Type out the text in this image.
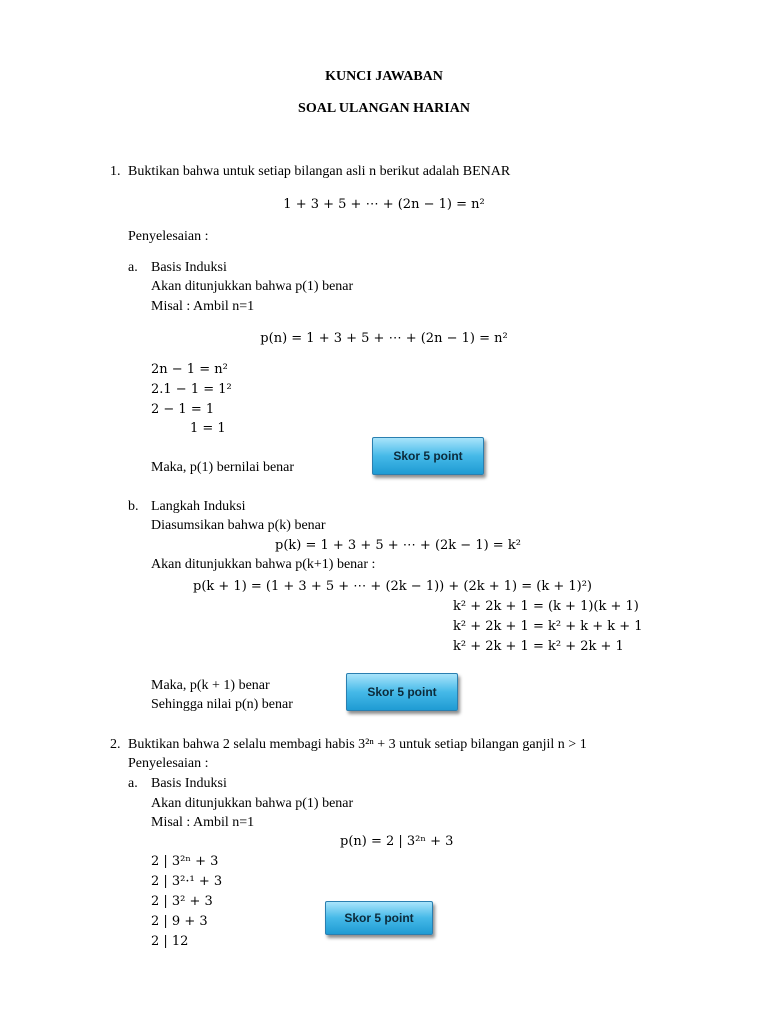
KUNCI JAWABAN
SOAL ULANGAN HARIAN
1. Buktikan bahwa untuk setiap bilangan asli n berikut adalah BENAR
1 + 3 + 5 + ⋯ + (2n − 1) = n²
Penyelesaian :
a. Basis Induksi
Akan ditunjukkan bahwa p(1) benar
Misal : Ambil n=1
p(n) = 1 + 3 + 5 + ⋯ + (2n − 1) = n²
2n − 1 = n²
2.1 − 1 = 1²
2 − 1 = 1
1 = 1
Maka, p(1) bernilai benar
Skor 5 point
b. Langkah Induksi
Diasumsikan bahwa p(k) benar
p(k) = 1 + 3 + 5 + ⋯ + (2k − 1) = k²
Akan ditunjukkan bahwa p(k+1) benar :
p(k + 1) = (1 + 3 + 5 + ⋯ + (2k − 1)) + (2k + 1) = (k + 1)²)
k² + 2k + 1 = (k + 1)(k + 1)
k² + 2k + 1 = k² + k + k + 1
k² + 2k + 1 = k² + 2k + 1
Maka, p(k + 1) benar
Sehingga nilai p(n) benar
Skor 5 point
2. Buktikan bahwa 2 selalu membagi habis 3²ⁿ + 3 untuk setiap bilangan ganjil n > 1
Penyelesaian :
a. Basis Induksi
Akan ditunjukkan bahwa p(1) benar
Misal : Ambil n=1
p(n) = 2 | 3²ⁿ + 3
2 | 3²ⁿ + 3
2 | 3²·¹ + 3
2 | 3² + 3
2 | 9 + 3
2 | 12
Skor 5 point
